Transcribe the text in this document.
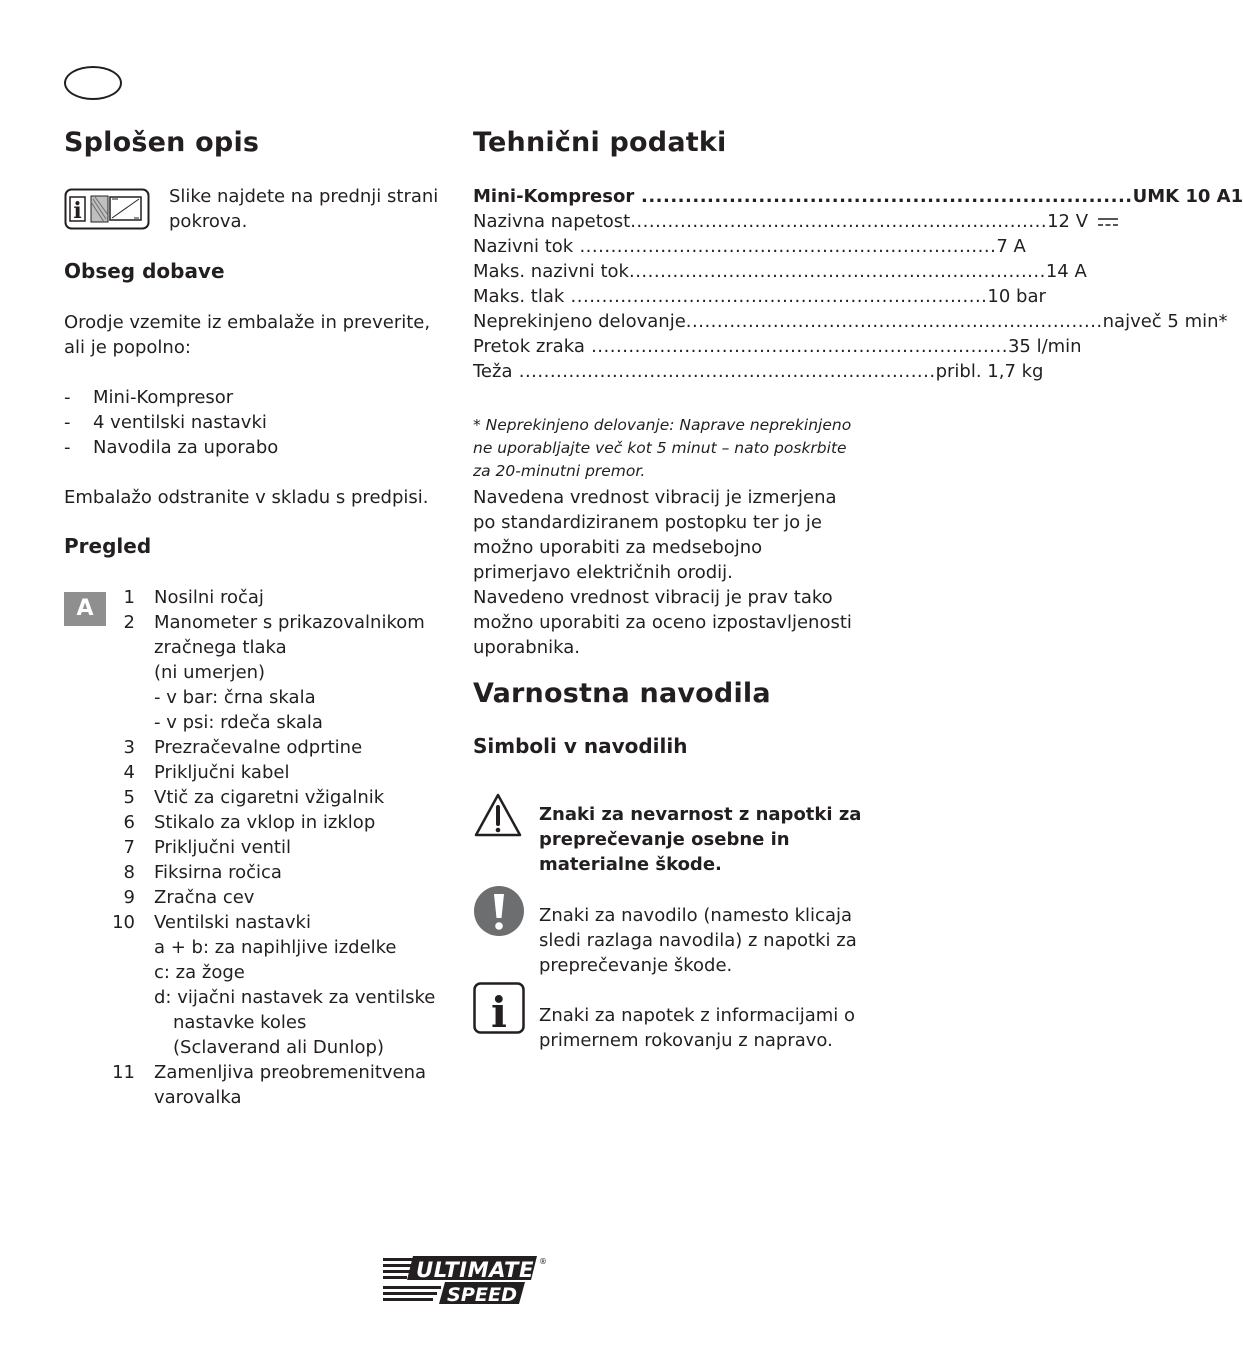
Splošen opis
i

Slike najdete na prednji strani pokrova.

Obseg dobave

Orodje vzemite iz embalaže in preverite, ali je popolno:

- Mini-Kompresor
- 4 ventilski nastavki
- Navodila za uporabo

Embalažo odstranite v skladu s predpisi.

Pregled
A	1 Nosilni ročaj
2 Manometer s prikazovalnikom
zračnega tlaka
(ni umerjen)
- v bar: črna skala
- v psi: rdeča skala
3 Prezračevalne odprtine
4 Priključni kabel
5 Vtič za cigaretni vžigalnik
6 Stikalo za vklop in izklop
7 Priključni ventil
8 Fiksirna ročica
9 Zračna cev
10 Ventilski nastavki
a + b: za napihljive izdelke
c: za žoge
d: vijačni nastavek za ventilske
nastavke koles
(Sclaverand ali Dunlop)
11 Zamenljiva preobremenitvena
varovalka
Tehnični podatki
Mini-Kompresor ................................................................... UMK 10 A1
Nazivna napetost ................................................................... 12 V
Nazivni tok ................................................................... 7 A
Maks. nazivni tok ................................................................... 14 A
Maks. tlak ................................................................... 10 bar
Neprekinjeno delovanje ................................................................... največ 5 min*
Pretok zraka ................................................................... 35 l/min
Teža ................................................................... pribl. 1,7 kg

* Neprekinjeno delovanje: Naprave neprekinjeno ne uporabljajte več kot 5 minut – nato poskrbite za 20-minutni premor.

Navedena vrednost vibracij je izmerjena po standardiziranem postopku ter jo je možno uporabiti za medsebojno primerjavo električnih orodij.

Navedeno vrednost vibracij je prav tako možno uporabiti za oceno izpostavljenosti uporabnika.

Varnostna navodila
Simboli v navodilih

Znaki za nevarnost z napotki za preprečevanje osebne in materialne škode.

Znaki za navodilo (namesto klicaja sledi razlaga navodila) z napotki za preprečevanje škode.

i Znaki za napotek z informacijami o primernem rokovanju z napravo.

ULTIMATE
SPEED
®
